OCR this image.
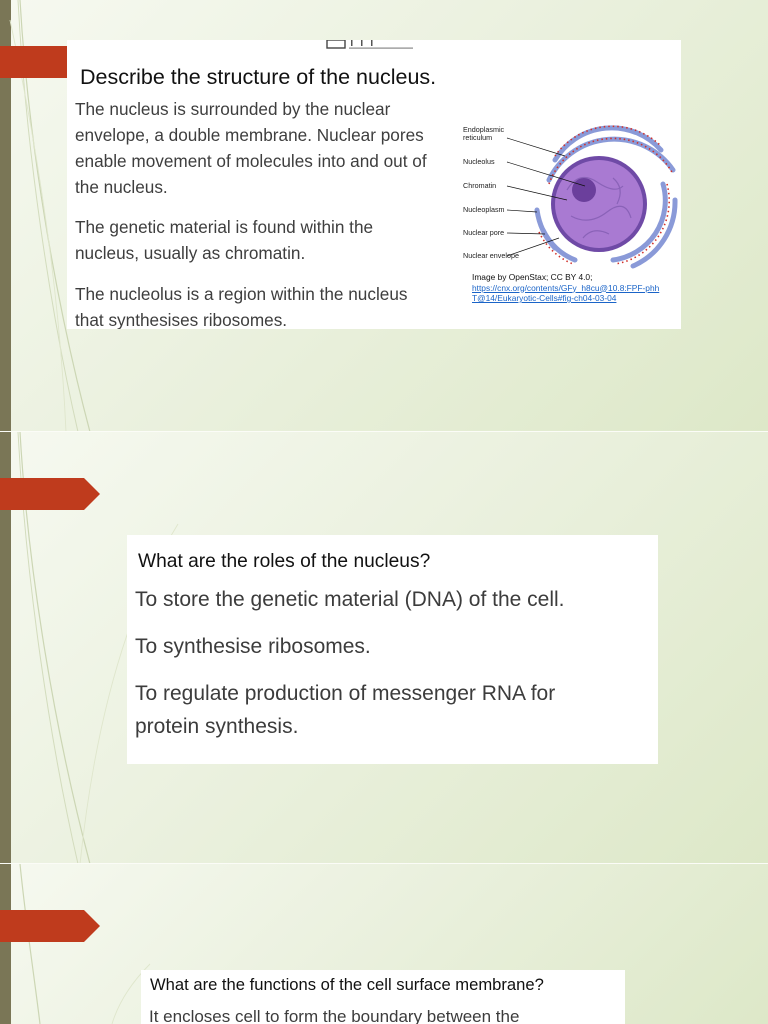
Describe the structure of the nucleus.
The nucleus is surrounded by the nuclear
envelope, a double membrane. Nuclear pores
enable movement of molecules into and out of
the nucleus.
The genetic material is found within the
nucleus, usually as chromatin.
The nucleolus is a region within the nucleus
that synthesises ribosomes.
Endoplasmic reticulum
Nucleolus
Chromatin
Nucleoplasm
Nuclear pore
Nuclear envelope
Image by OpenStax; CC BY 4.0;
https://cnx.org/contents/GFy_h8cu@10.8:FPF-phh
T@14/Eukaryotic-Cells#fig-ch04-03-04
What are the roles of the nucleus?
To store the genetic material (DNA) of the cell.
To synthesise ribosomes.
To regulate production of messenger RNA for
protein synthesis.
What are the functions of the cell surface membrane?
It encloses cell to form the boundary between the
